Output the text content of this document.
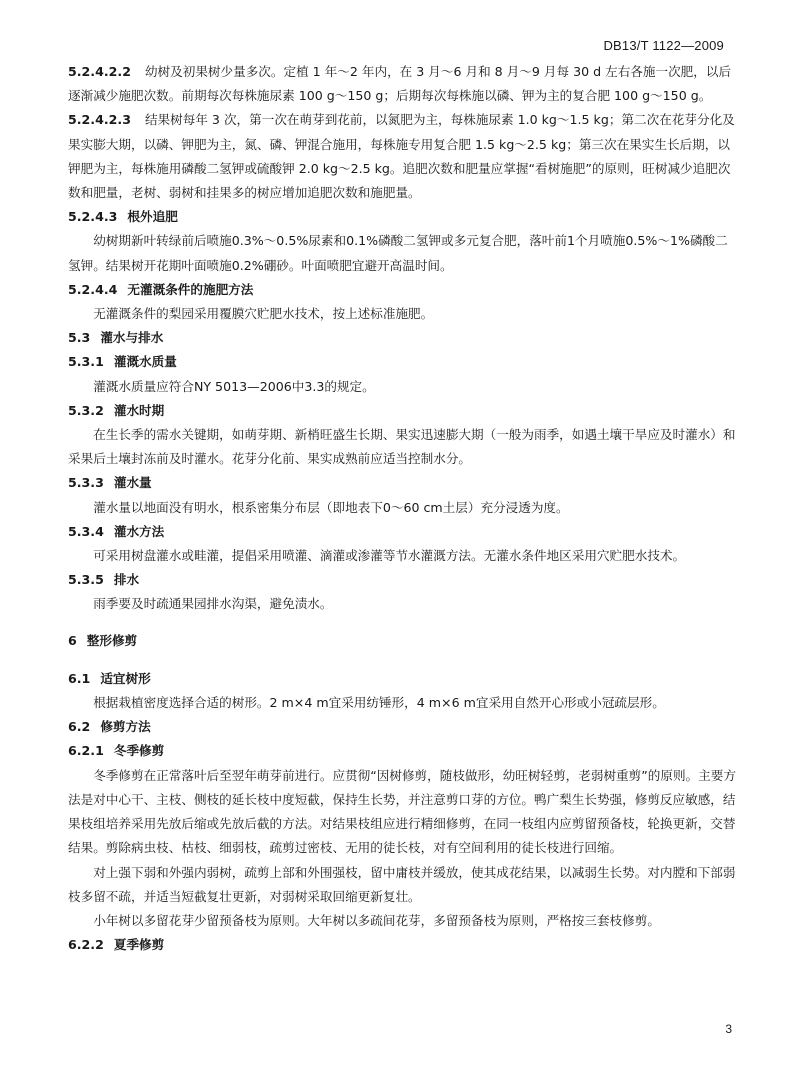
DB13/T 1122—2009

5.2.4.2.2 幼树及初果树少量多次。定植 1 年～2 年内，在 3 月～6 月和 8 月～9 月每 30 d 左右各施一次肥，以后逐渐减少施肥次数。前期每次每株施尿素 100 g～150 g；后期每次每株施以磷、钾为主的复合肥 100 g～150 g。

5.2.4.2.3 结果树每年 3 次，第一次在萌芽到花前，以氮肥为主，每株施尿素 1.0 kg～1.5 kg；第二次在花芽分化及果实膨大期，以磷、钾肥为主，氮、磷、钾混合施用，每株施专用复合肥 1.5 kg～2.5 kg；第三次在果实生长后期，以钾肥为主，每株施用磷酸二氢钾或硫酸钾 2.0 kg～2.5 kg。追肥次数和肥量应掌握“看树施肥”的原则，旺树减少追肥次数和肥量，老树、弱树和挂果多的树应增加追肥次数和施肥量。

5.2.4.3 根外追肥

幼树期新叶转绿前后喷施0.3%～0.5%尿素和0.1%磷酸二氢钾或多元复合肥，落叶前1个月喷施0.5%～1%磷酸二氢钾。结果树开花期叶面喷施0.2%硼砂。叶面喷肥宜避开高温时间。

5.2.4.4 无灌溉条件的施肥方法

无灌溉条件的梨园采用覆膜穴贮肥水技术，按上述标准施肥。

5.3 灌水与排水

5.3.1 灌溉水质量

灌溉水质量应符合NY 5013—2006中3.3的规定。

5.3.2 灌水时期

在生长季的需水关键期，如萌芽期、新梢旺盛生长期、果实迅速膨大期（一般为雨季，如遇土壤干旱应及时灌水）和采果后土壤封冻前及时灌水。花芽分化前、果实成熟前应适当控制水分。

5.3.3 灌水量

灌水量以地面没有明水，根系密集分布层（即地表下0～60 cm土层）充分浸透为度。

5.3.4 灌水方法

可采用树盘灌水或畦灌，提倡采用喷灌、滴灌或渗灌等节水灌溉方法。无灌水条件地区采用穴贮肥水技术。

5.3.5 排水

雨季要及时疏通果园排水沟渠，避免渍水。

6 整形修剪

6.1 适宜树形

根据栽植密度选择合适的树形。2 m×4 m宜采用纺锤形，4 m×6 m宜采用自然开心形或小冠疏层形。

6.2 修剪方法

6.2.1 冬季修剪

冬季修剪在正常落叶后至翌年萌芽前进行。应贯彻“因树修剪，随枝做形，幼旺树轻剪，老弱树重剪”的原则。主要方法是对中心干、主枝、侧枝的延长枝中度短截，保持生长势，并注意剪口芽的方位。鸭广梨生长势强，修剪反应敏感，结果枝组培养采用先放后缩或先放后截的方法。对结果枝组应进行精细修剪，在同一枝组内应剪留预备枝，轮换更新，交替结果。剪除病虫枝、枯枝、细弱枝，疏剪过密枝、无用的徒长枝，对有空间利用的徒长枝进行回缩。

对上强下弱和外强内弱树，疏剪上部和外围强枝，留中庸枝并缓放，使其成花结果，以减弱生长势。对内膛和下部弱枝多留不疏，并适当短截复壮更新，对弱树采取回缩更新复壮。

小年树以多留花芽少留预备枝为原则。大年树以多疏间花芽，多留预备枝为原则，严格按三套枝修剪。

6.2.2 夏季修剪

3
